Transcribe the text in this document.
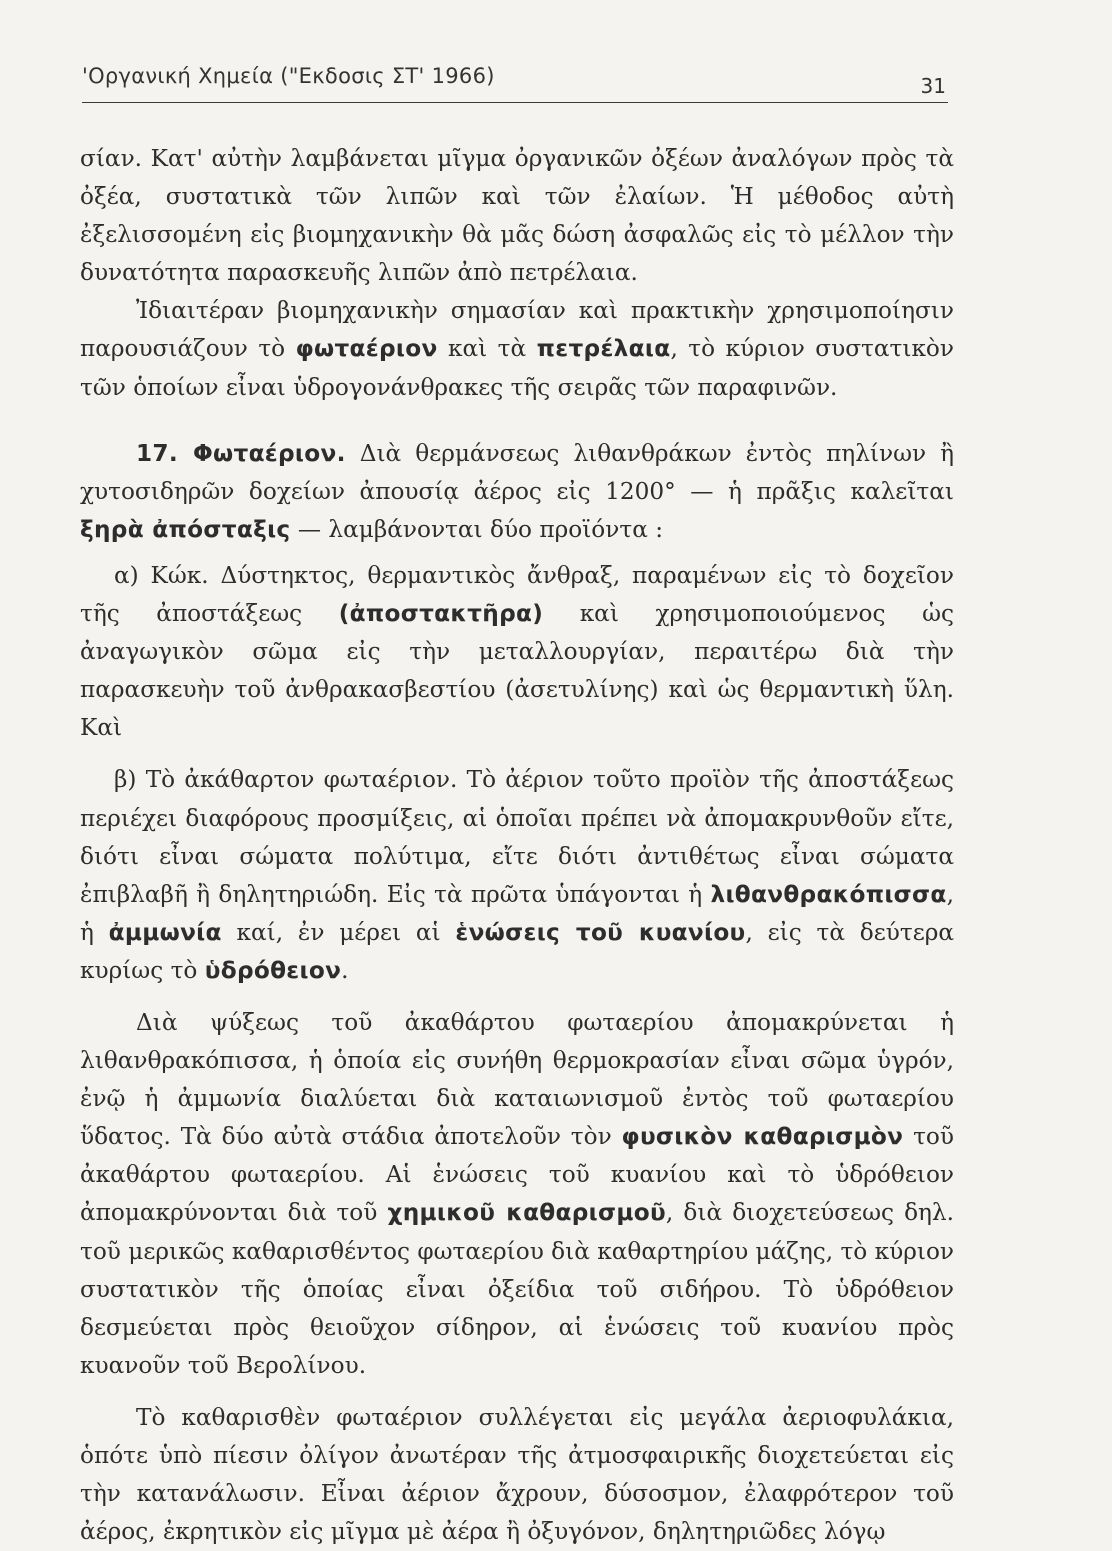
'Οργανική Χημεία ("Εκδοσις ΣΤ' 1966)	31

σίαν. Κατ' αὐτὴν λαμβάνεται μῖγμα ὀργανικῶν ὀξέων ἀναλόγων πρὸς τὰ ὀξέα, συστατικὰ τῶν λιπῶν καὶ τῶν ἐλαίων. Ἡ μέθοδος αὐτὴ ἐξελισσομένη εἰς βιομηχανικὴν θὰ μᾶς δώση ἀσφαλῶς εἰς τὸ μέλλον τὴν δυνατότητα παρασκευῆς λιπῶν ἀπὸ πετρέλαια.

Ἰδιαιτέραν βιομηχανικὴν σημασίαν καὶ πρακτικὴν χρησιμοποίησιν παρουσιάζουν τὸ φωταέριον καὶ τὰ πετρέλαια, τὸ κύριον συστατικὸν τῶν ὁποίων εἶναι ὑδρογονάνθρακες τῆς σειρᾶς τῶν παραφινῶν.

17. Φωταέριον. Διὰ θερμάνσεως λιθανθράκων ἐντὸς πηλίνων ἢ χυτοσιδηρῶν δοχείων ἀπουσίᾳ ἀέρος εἰς 1200° — ἡ πρᾶξις καλεῖται ξηρὰ ἀπόσταξις — λαμβάνονται δύο προϊόντα :

α) Κώκ. Δύστηκτος, θερμαντικὸς ἄνθραξ, παραμένων εἰς τὸ δοχεῖον τῆς ἀποστάξεως (ἀποστακτῆρα) καὶ χρησιμοποιούμενος ὡς ἀναγωγικὸν σῶμα εἰς τὴν μεταλλουργίαν, περαιτέρω διὰ τὴν παρασκευὴν τοῦ ἀνθρακασβεστίου (ἀσετυλίνης) καὶ ὡς θερμαντικὴ ὕλη. Καὶ

β) Τὸ ἀκάθαρτον φωταέριον. Τὸ ἀέριον τοῦτο προϊὸν τῆς ἀποστάξεως περιέχει διαφόρους προσμίξεις, αἱ ὁποῖαι πρέπει νὰ ἀπομακρυνθοῦν εἴτε, διότι εἶναι σώματα πολύτιμα, εἴτε διότι ἀντιθέτως εἶναι σώματα ἐπιβλαβῆ ἢ δηλητηριώδη. Εἰς τὰ πρῶτα ὑπάγονται ἡ λιθανθρακόπισσα, ἡ ἀμμωνία καί, ἐν μέρει αἱ ἑνώσεις τοῦ κυανίου, εἰς τὰ δεύτερα κυρίως τὸ ὑδρόθειον.

Διὰ ψύξεως τοῦ ἀκαθάρτου φωταερίου ἀπομακρύνεται ἡ λιθανθρακόπισσα, ἡ ὁποία εἰς συνήθη θερμοκρασίαν εἶναι σῶμα ὑγρόν, ἐνῷ ἡ ἀμμωνία διαλύεται διὰ καταιωνισμοῦ ἐντὸς τοῦ φωταερίου ὕδατος. Τὰ δύο αὐτὰ στάδια ἀποτελοῦν τὸν φυσικὸν καθαρισμὸν τοῦ ἀκαθάρτου φωταερίου. Αἱ ἑνώσεις τοῦ κυανίου καὶ τὸ ὑδρόθειον ἀπομακρύνονται διὰ τοῦ χημικοῦ καθαρισμοῦ, διὰ διοχετεύσεως δηλ. τοῦ μερικῶς καθαρισθέντος φωταερίου διὰ καθαρτηρίου μάζης, τὸ κύριον συστατικὸν τῆς ὁποίας εἶναι ὀξείδια τοῦ σιδήρου. Τὸ ὑδρόθειον δεσμεύεται πρὸς θειοῦχον σίδηρον, αἱ ἑνώσεις τοῦ κυανίου πρὸς κυανοῦν τοῦ Βερολίνου.

Τὸ καθαρισθὲν φωταέριον συλλέγεται εἰς μεγάλα ἀεριοφυλάκια, ὁπότε ὑπὸ πίεσιν ὀλίγον ἀνωτέραν τῆς ἀτμοσφαιρικῆς διοχετεύεται εἰς τὴν κατανάλωσιν. Εἶναι ἀέριον ἄχρουν, δύσοσμον, ἐλαφρότερον τοῦ ἀέρος, ἐκρητικὸν εἰς μῖγμα μὲ ἀέρα ἢ ὀξυγόνον, δηλητηριῶδες λόγῳ
